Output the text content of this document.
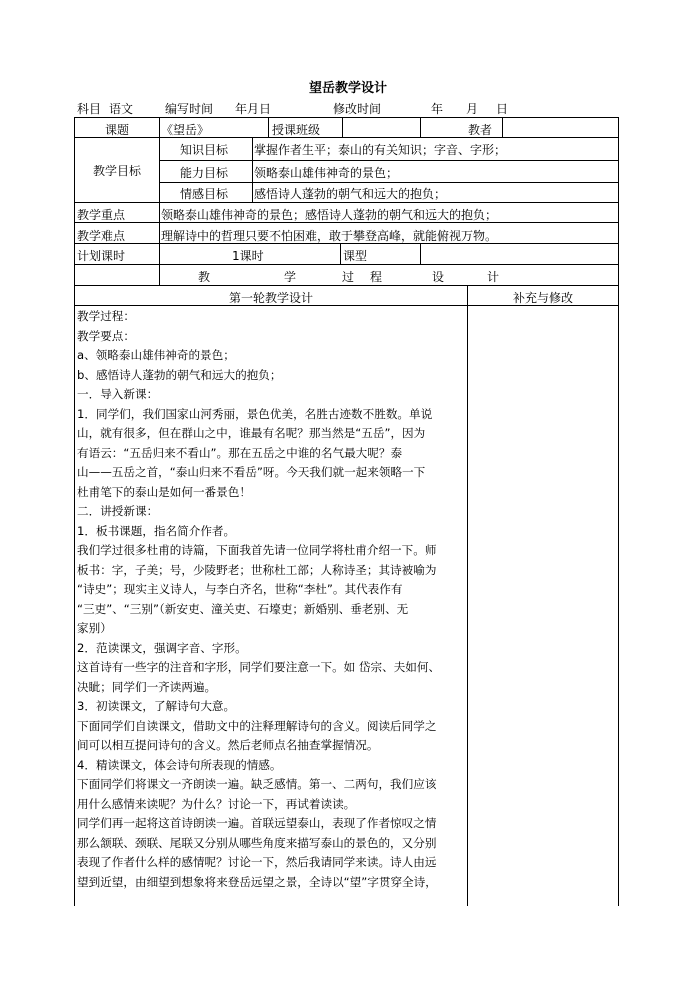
望岳教学设计
科目 语文	编写时间 年月日	修改时间	年 月 日
课题	《望岳》	授课班级	教者
教学目标
知识目标 掌握作者生平；泰山的有关知识；字音、字形；
能力目标 领略泰山雄伟神奇的景色；
情感目标 感悟诗人蓬勃的朝气和远大的抱负；
教学重点	领略泰山雄伟神奇的景色；感悟诗人蓬勃的朝气和远大的抱负；
教学难点	理解诗中的哲理只要不怕困难，敢于攀登高峰，就能俯视万物。
计划课时	1课时	课型
教	学	过 程	设	计
第一轮教学设计	补充与修改
教学过程：
教学要点：
a、领略泰山雄伟神奇的景色；
b、感悟诗人蓬勃的朝气和远大的抱负；
一．导入新课：
1．同学们，我们国家山河秀丽，景色优美，名胜古迹数不胜数。单说
山，就有很多，但在群山之中，谁最有名呢？那当然是“五岳”，因为
有语云：“五岳归来不看山”。那在五岳之中谁的名气最大呢？泰
山——五岳之首，“泰山归来不看岳”呀。今天我们就一起来领略一下
杜甫笔下的泰山是如何一番景色！
二．讲授新课：
1．板书课题，指名简介作者。
我们学过很多杜甫的诗篇，下面我首先请一位同学将杜甫介绍一下。师
板书：字，子美；号，少陵野老；世称杜工部；人称诗圣；其诗被喻为
“诗史”；现实主义诗人，与李白齐名，世称“李杜”。其代表作有
“三吏”、“三别”（新安吏、潼关吏、石壕吏；新婚别、垂老别、无
家别）
2．范读课文，强调字音、字形。
这首诗有一些字的注音和字形，同学们要注意一下。如 岱宗、夫如何、
决眦；同学们一齐读两遍。
3．初读课文，了解诗句大意。
下面同学们自读课文，借助文中的注释理解诗句的含义。阅读后同学之
间可以相互提问诗句的含义。然后老师点名抽查掌握情况。
4．精读课文，体会诗句所表现的情感。
下面同学们将课文一齐朗读一遍。缺乏感情。第一、二两句，我们应该
用什么感情来读呢？为什么？讨论一下，再试着读读。
同学们再一起将这首诗朗读一遍。首联远望泰山，表现了作者惊叹之情
那么颔联、颈联、尾联又分别从哪些角度来描写泰山的景色的，又分别
表现了作者什么样的感情呢？讨论一下，然后我请同学来读。诗人由远
望到近望，由细望到想象将来登岳远望之景，全诗以“望”字贯穿全诗，
